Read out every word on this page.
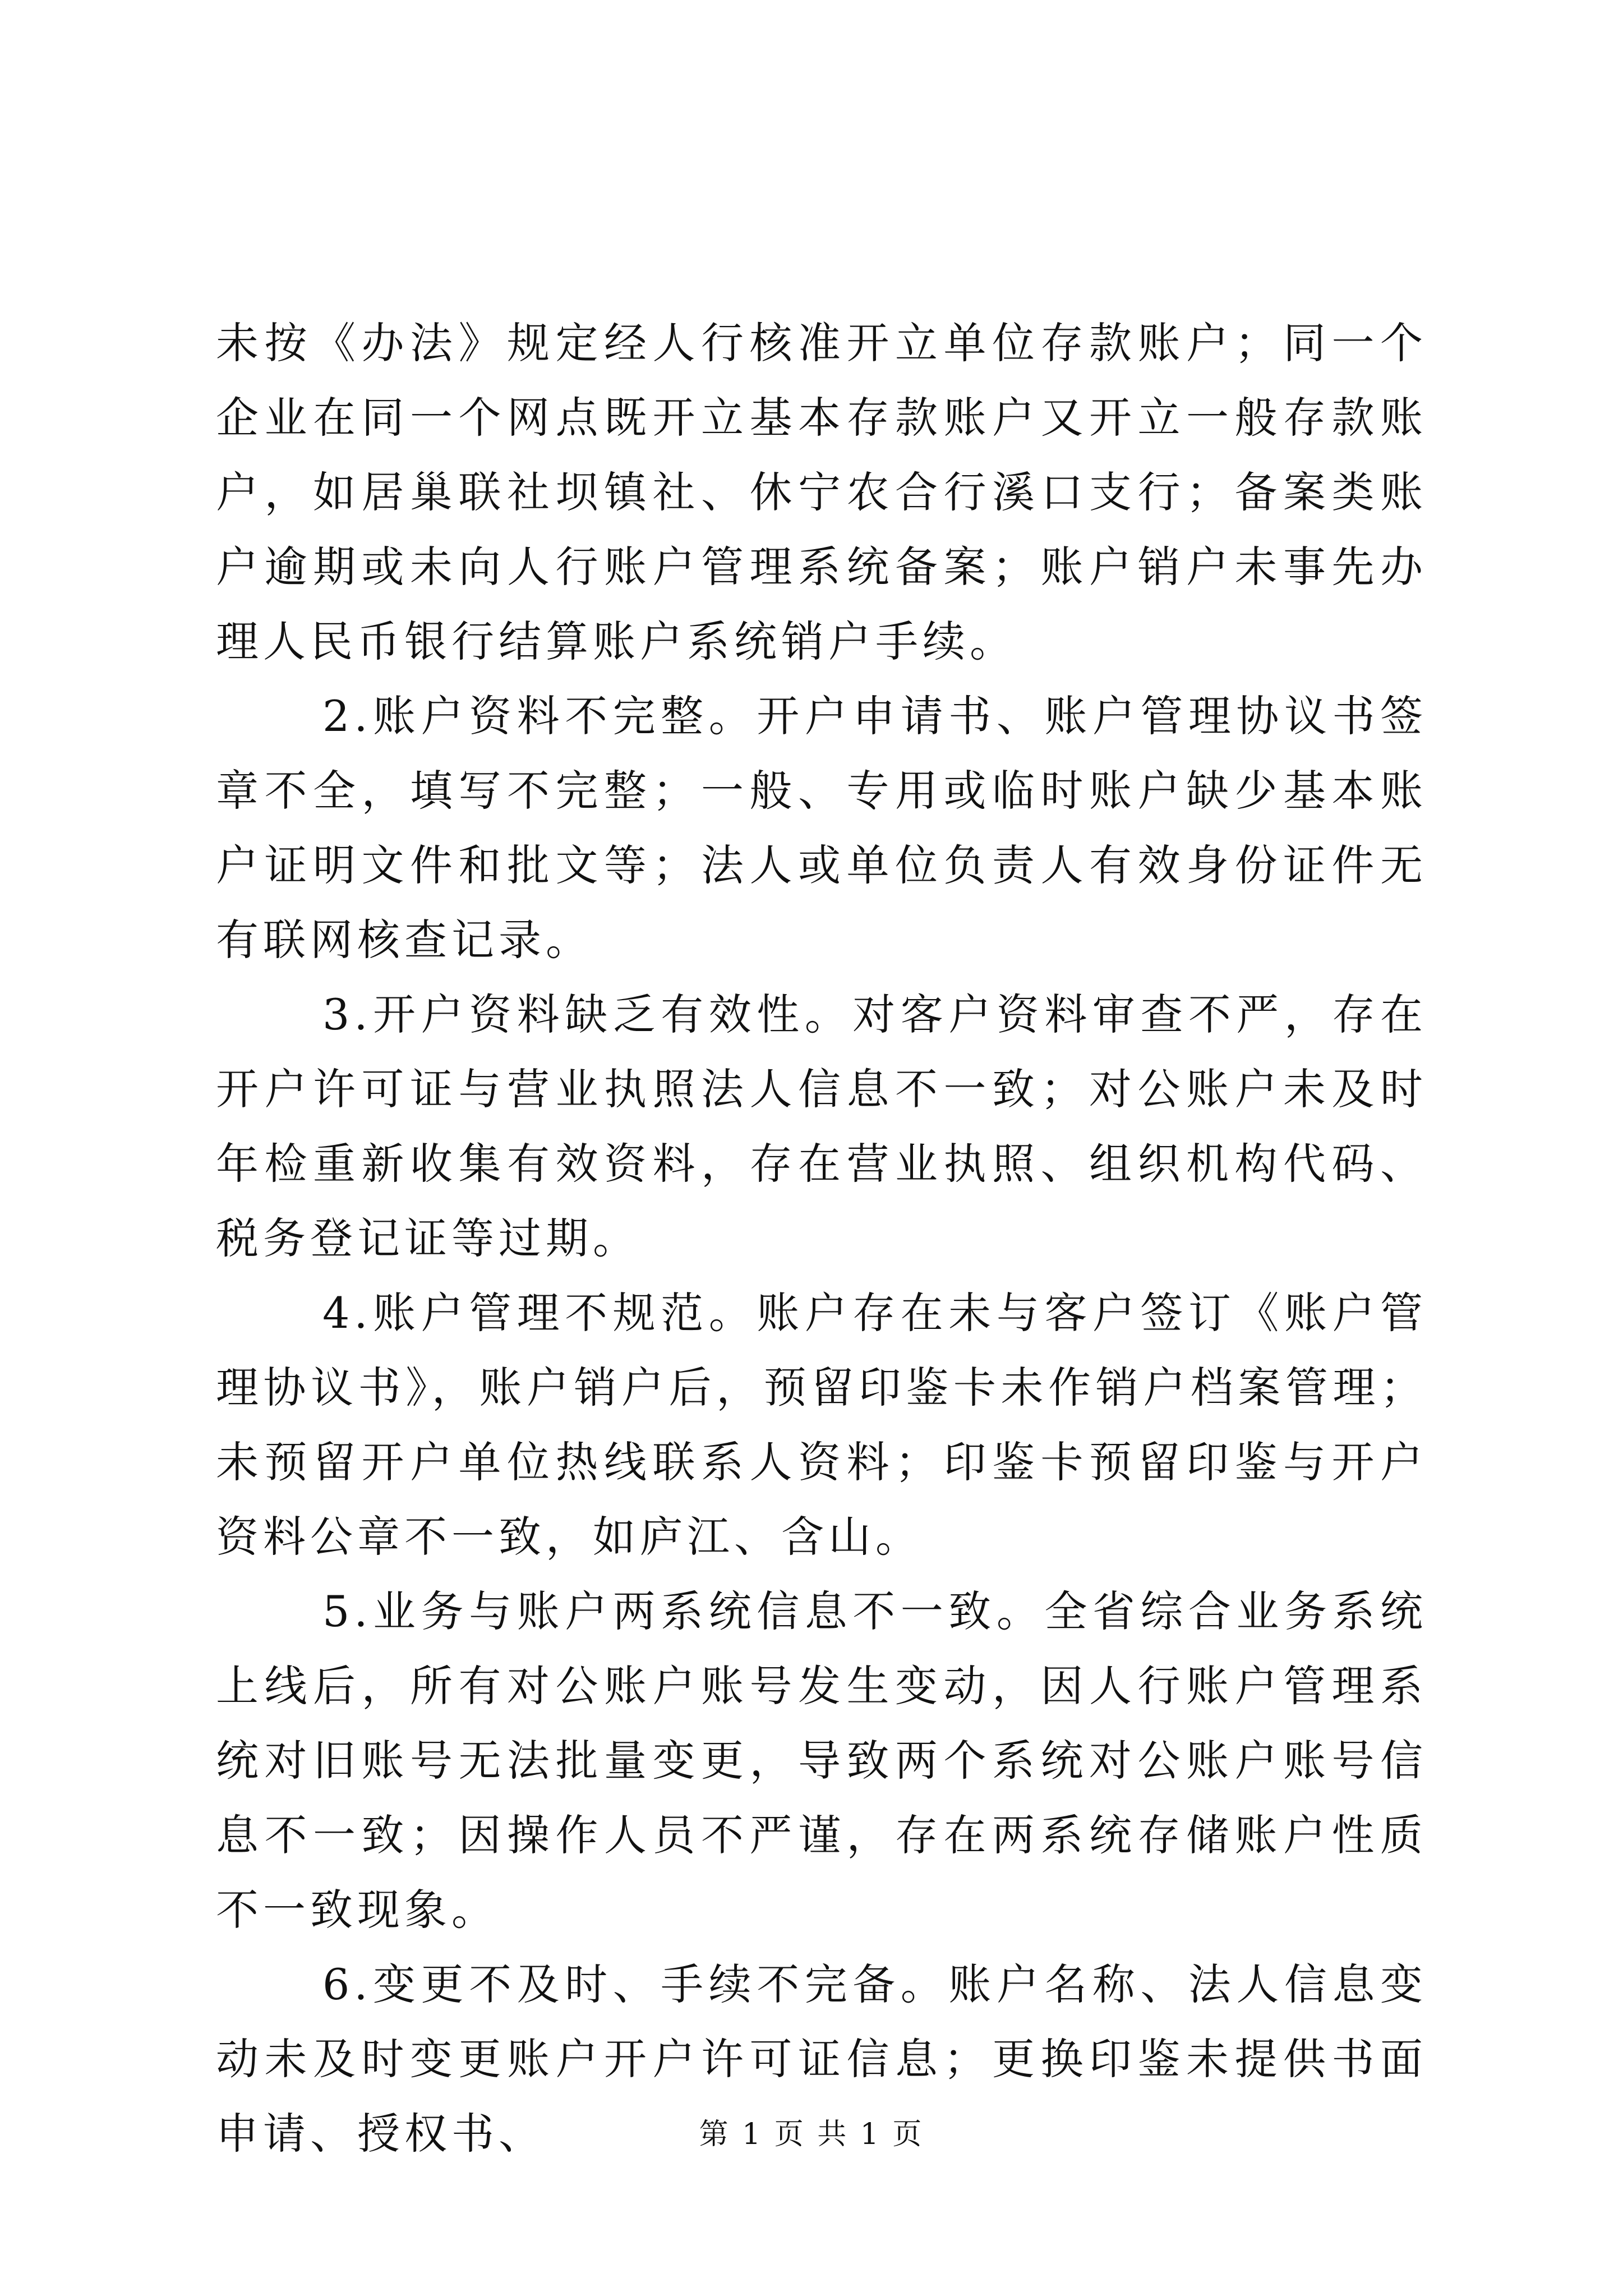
未按《办法》规定经人行核准开立单位存款账户；同一个企业在同一个网点既开立基本存款账户又开立一般存款账户，如居巢联社坝镇社、休宁农合行溪口支行；备案类账户逾期或未向人行账户管理系统备案；账户销户未事先办理人民币银行结算账户系统销户手续。

2.账户资料不完整。开户申请书、账户管理协议书签章不全，填写不完整；一般、专用或临时账户缺少基本账户证明文件和批文等；法人或单位负责人有效身份证件无有联网核查记录。

3.开户资料缺乏有效性。对客户资料审查不严，存在开户许可证与营业执照法人信息不一致；对公账户未及时年检重新收集有效资料，存在营业执照、组织机构代码、税务登记证等过期。

4.账户管理不规范。账户存在未与客户签订《账户管理协议书》，账户销户后，预留印鉴卡未作销户档案管理；未预留开户单位热线联系人资料；印鉴卡预留印鉴与开户资料公章不一致，如庐江、含山。

5.业务与账户两系统信息不一致。全省综合业务系统上线后，所有对公账户账号发生变动，因人行账户管理系统对旧账号无法批量变更，导致两个系统对公账户账号信息不一致；因操作人员不严谨，存在两系统存储账户性质不一致现象。

6.变更不及时、手续不完备。账户名称、法人信息变动未及时变更账户开户许可证信息；更换印鉴未提供书面申请、授权书、	第 1 页 共 1 页
